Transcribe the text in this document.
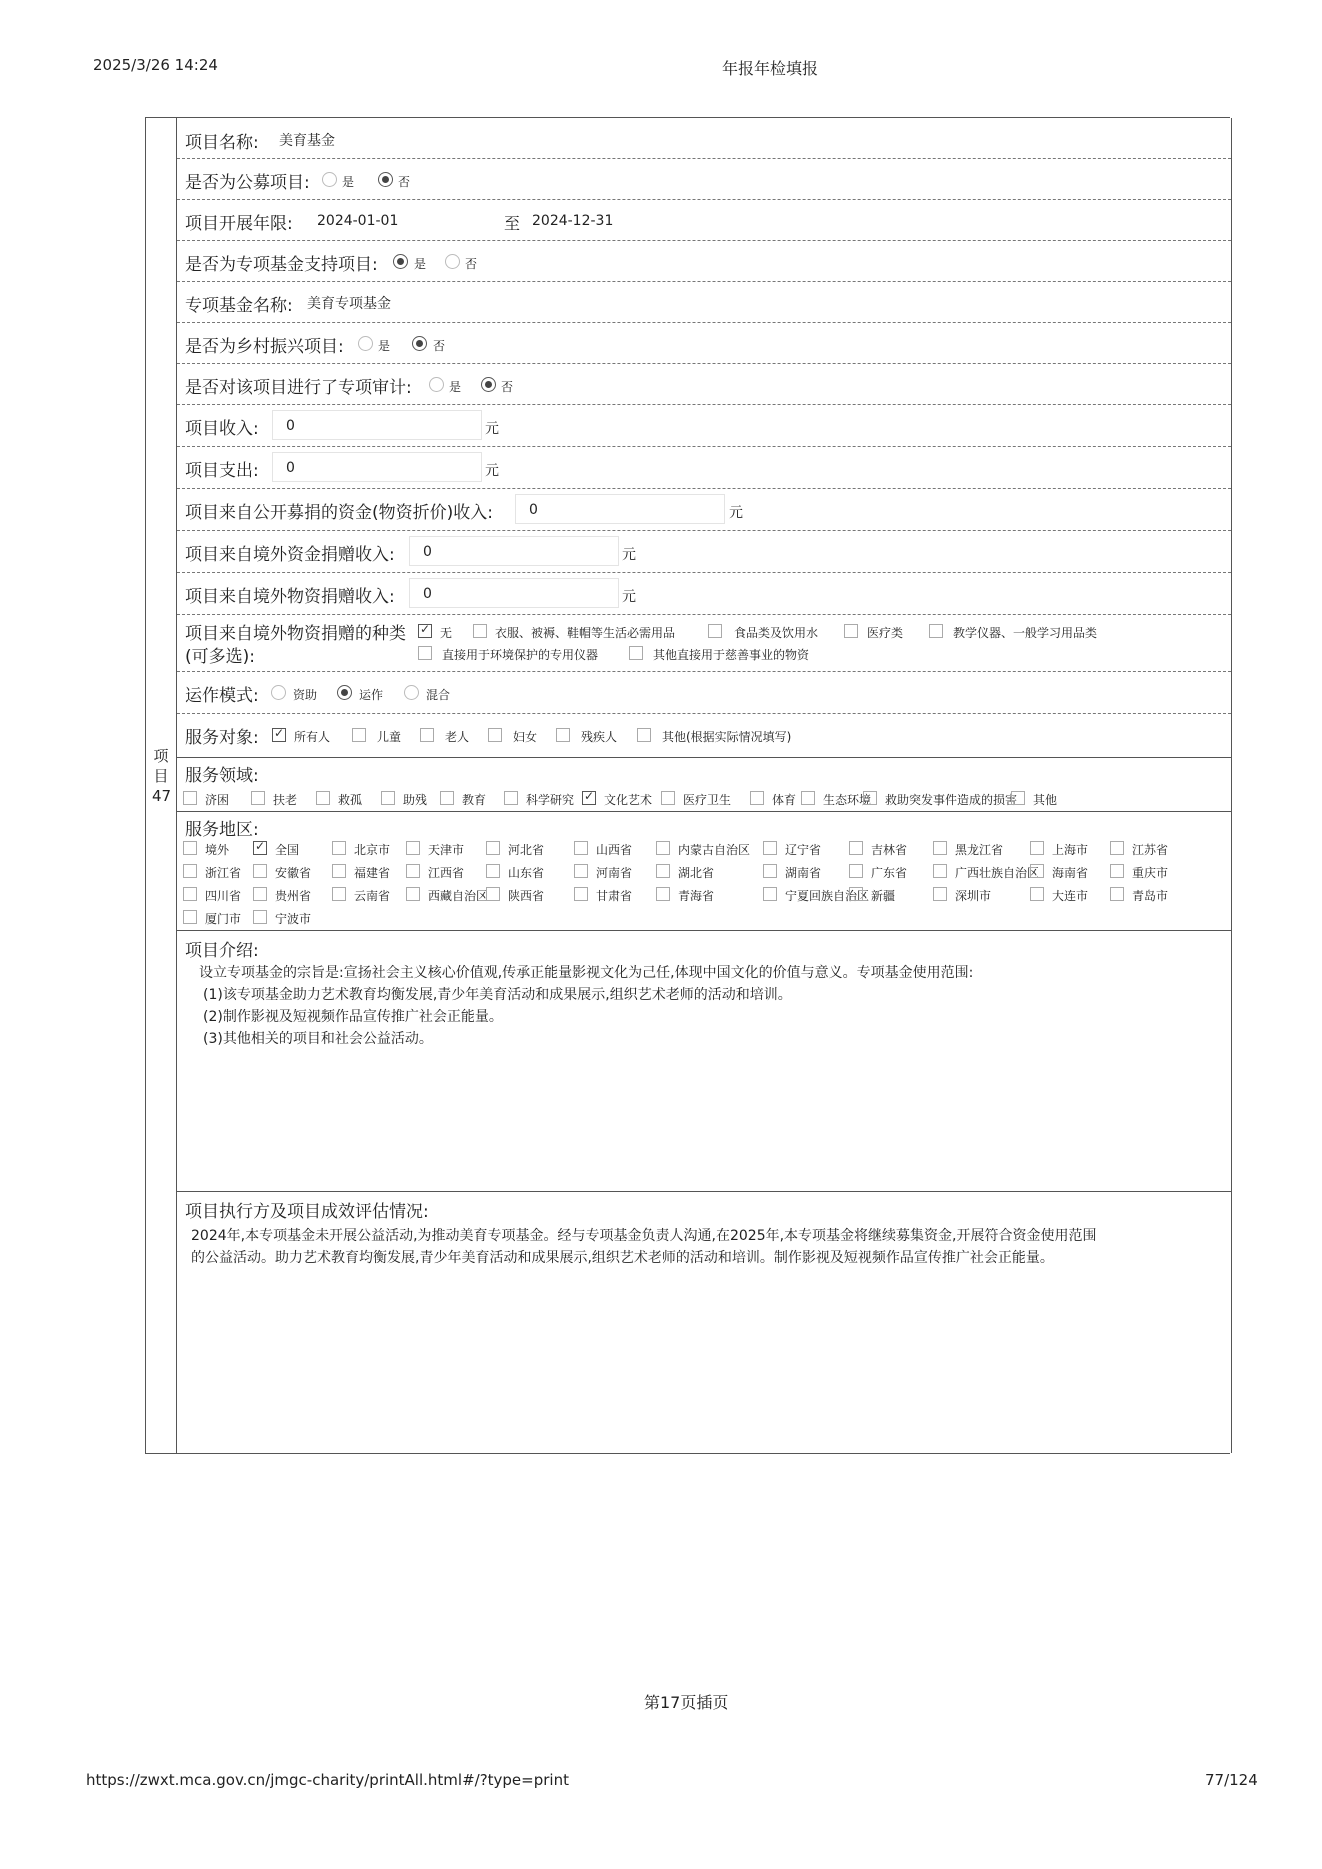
2025/3/26 14:24	年报年检填报
项
目
47
项目名称: 美育基金
是否为公募项目:	是	否
项目开展年限: 2024-01-01	至 2024-12-31
是否为专项基金支持项目:	是	否
专项基金名称: 美育专项基金
是否为乡村振兴项目:	是	否
是否对该项目进行了专项审计:	是	否
项目收入: 0	元
项目支出: 0	元
项目来自公开募捐的资金(物资折价)收入:	0	元
项目来自境外资金捐赠收入: 0	元
项目来自境外物资捐赠收入: 0	元
项目来自境外物资捐赠的种类
(可多选):
✓
无	衣服、被褥、鞋帽等生活必需用品	食品类及饮用水	医疗类	教学仪器、一般学习用品类
直接用于环境保护的专用仪器	其他直接用于慈善事业的物资
运作模式:	资助	运作	混合
服务对象: ✓	所有人	儿童	老人	妇女	残疾人	其他(根据实际情况填写)
服务领域:
济困	扶老	救孤	助残	教育	科学研究 ✓ 文化艺术	医疗卫生	体育 生态环境 救助突发事件造成的损害 其他
服务地区:
境外 ✓	全国	北京市	天津市	河北省	山西省	内蒙古自治区	辽宁省	吉林省	黑龙江省	上海市	江苏省
浙江省	安徽省	福建省	江西省	山东省	河南省	湖北省	湖南省	广东省	广西壮族自治区 海南省	重庆市
四川省	贵州省	云南省	西藏自治区 陕西省	甘肃省	青海省	宁夏回族自治区 新疆	深圳市	大连市	青岛市
厦门市	宁波市
项目介绍:
设立专项基金的宗旨是:宣扬社会主义核心价值观,传承正能量影视文化为己任,体现中国文化的价值与意义。专项基金使用范围:
(1)该专项基金助力艺术教育均衡发展,青少年美育活动和成果展示,组织艺术老师的活动和培训。
(2)制作影视及短视频作品宣传推广社会正能量。
(3)其他相关的项目和社会公益活动。
项目执行方及项目成效评估情况:
2024年,本专项基金未开展公益活动,为推动美育专项基金。经与专项基金负责人沟通,在2025年,本专项基金将继续募集资金,开展符合资金使用范围
的公益活动。助力艺术教育均衡发展,青少年美育活动和成果展示,组织艺术老师的活动和培训。制作影视及短视频作品宣传推广社会正能量。
第17页插页
https://zwxt.mca.gov.cn/jmgc-charity/printAll.html#/?type=print	77/124
